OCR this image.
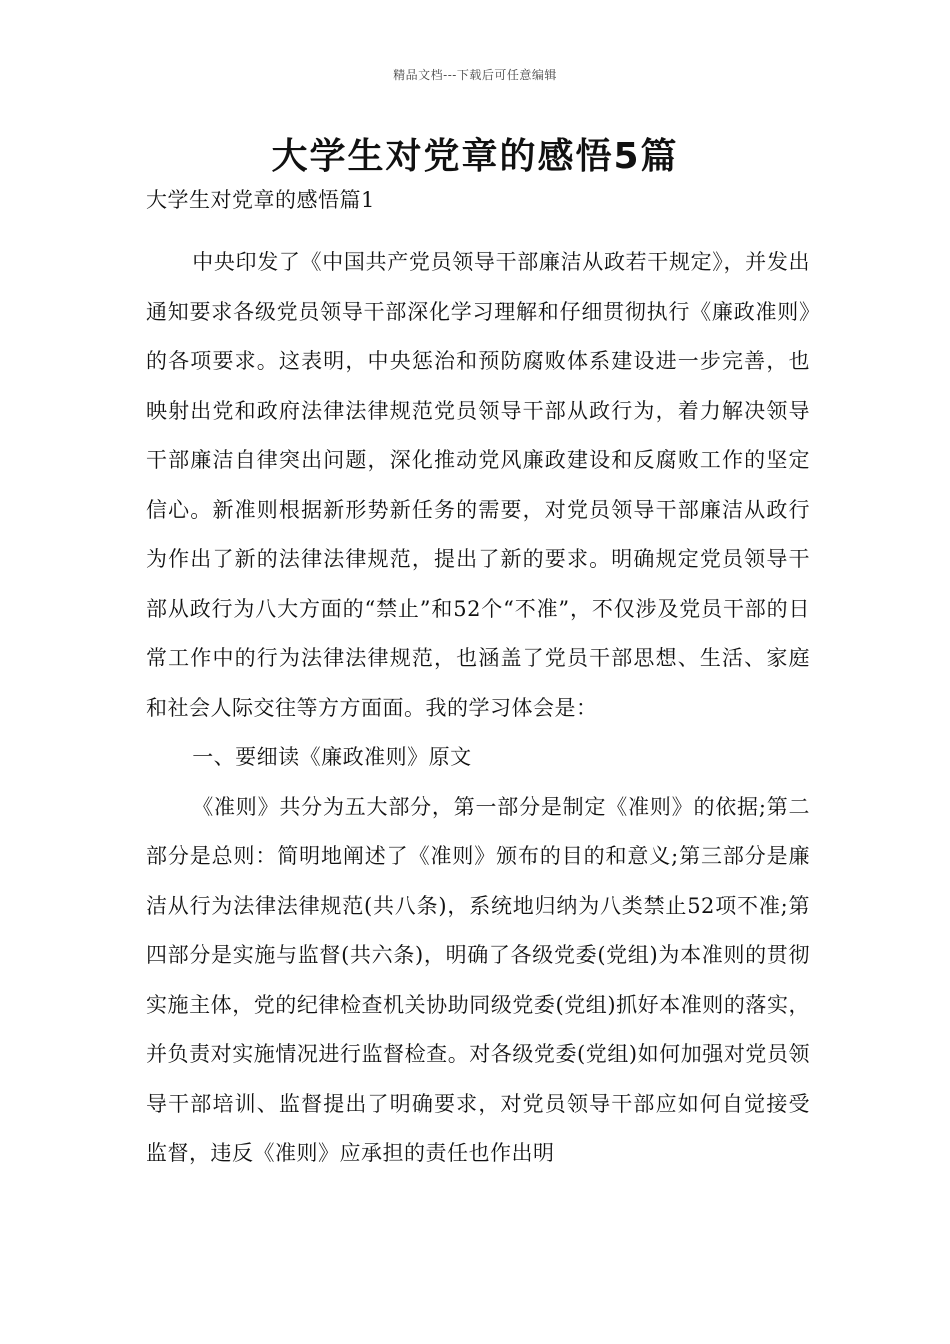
精品文档---下载后可任意编辑
大学生对党章的感悟5篇
大学生对党章的感悟篇1

中央印发了《中国共产党员领导干部廉洁从政若干规定》，并发出通知要求各级党员领导干部深化学习理解和仔细贯彻执行《廉政准则》的各项要求。这表明，中央惩治和预防腐败体系建设进一步完善，也映射出党和政府法律法律规范党员领导干部从政行为，着力解决领导干部廉洁自律突出问题，深化推动党风廉政建设和反腐败工作的坚定信心。新准则根据新形势新任务的需要，对党员领导干部廉洁从政行为作出了新的法律法律规范，提出了新的要求。明确规定党员领导干部从政行为八大方面的“禁止”和52个“不准”，不仅涉及党员干部的日常工作中的行为法律法律规范，也涵盖了党员干部思想、生活、家庭和社会人际交往等方方面面。我的学习体会是：

一、要细读《廉政准则》原文

《准则》共分为五大部分，第一部分是制定《准则》的依据;第二部分是总则：简明地阐述了《准则》颁布的目的和意义;第三部分是廉洁从行为法律法律规范(共八条)，系统地归纳为八类禁止52项不准;第四部分是实施与监督(共六条)，明确了各级党委(党组)为本准则的贯彻实施主体，党的纪律检查机关协助同级党委(党组)抓好本准则的落实，并负责对实施情况进行监督检查。对各级党委(党组)如何加强对党员领导干部培训、监督提出了明确要求，对党员领导干部应如何自觉接受监督，违反《准则》应承担的责任也作出明
